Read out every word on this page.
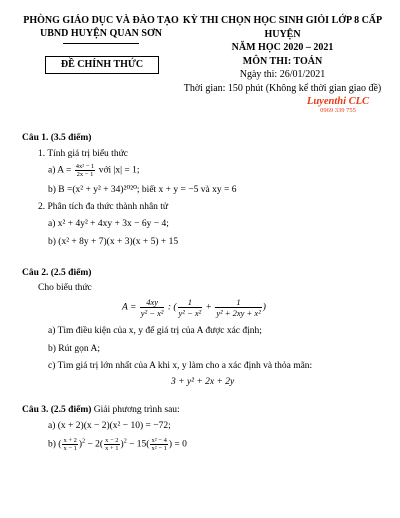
PHÒNG GIÁO DỤC VÀ ĐÀO TẠO
UBND HUYỆN QUAN SƠN
ĐỀ CHÍNH THỨC
KỲ THI CHỌN HỌC SINH GIỎI LỚP 8 CẤP HUYỆN
NĂM HỌC 2020 – 2021
MÔN THI: TOÁN
Ngày thi: 26/01/2021
Thời gian: 150 phút (Không kể thời gian giao đề)
Luyenthi CLC
0969 339 755
Câu 1. (3.5 điểm)
1. Tính giá trị biểu thức
a) $A = \frac{\text{4x² − 1}}{2x - 1}$ với |x| = 1;
b) B =(x² + y² + 34)²⁰²⁰; biết x + y = −5 và xy = 6
2. Phân tích đa thức thành nhân tử
a) x² + 4y² + 4xy + 3x − 6y − 4;
b) (x² + 8y + 7)(x + 3)(x + 5) + 15
Câu 2. (2.5 điểm)
Cho biểu thức
$A = \frac{4xy}{\text{y² − x²}}$ : ( $\frac{1}{\text{y² − x²}} + \frac{1}{\text{y² + 2xy + x²}}$ )
a) Tìm điều kiện của x, y để giá trị của A được xác định;
b) Rút gọn A;
c) Tìm giá trị lớn nhất của A khi x, y làm cho a xác định và thỏa mãn:
3 + y² + 2x + 2y
Câu 3. (2.5 điểm) Giải phương trình sau:
a) (x + 2)(x − 2)(x² − 10) = −72;
b) ( $\frac{x + 2}{x - 1} )^2 - 2( \frac{x - 2}{x + 1} )^2 - 15( \frac{\text{x² − 4}}{\text{x² − 1}}$ ) = 0
